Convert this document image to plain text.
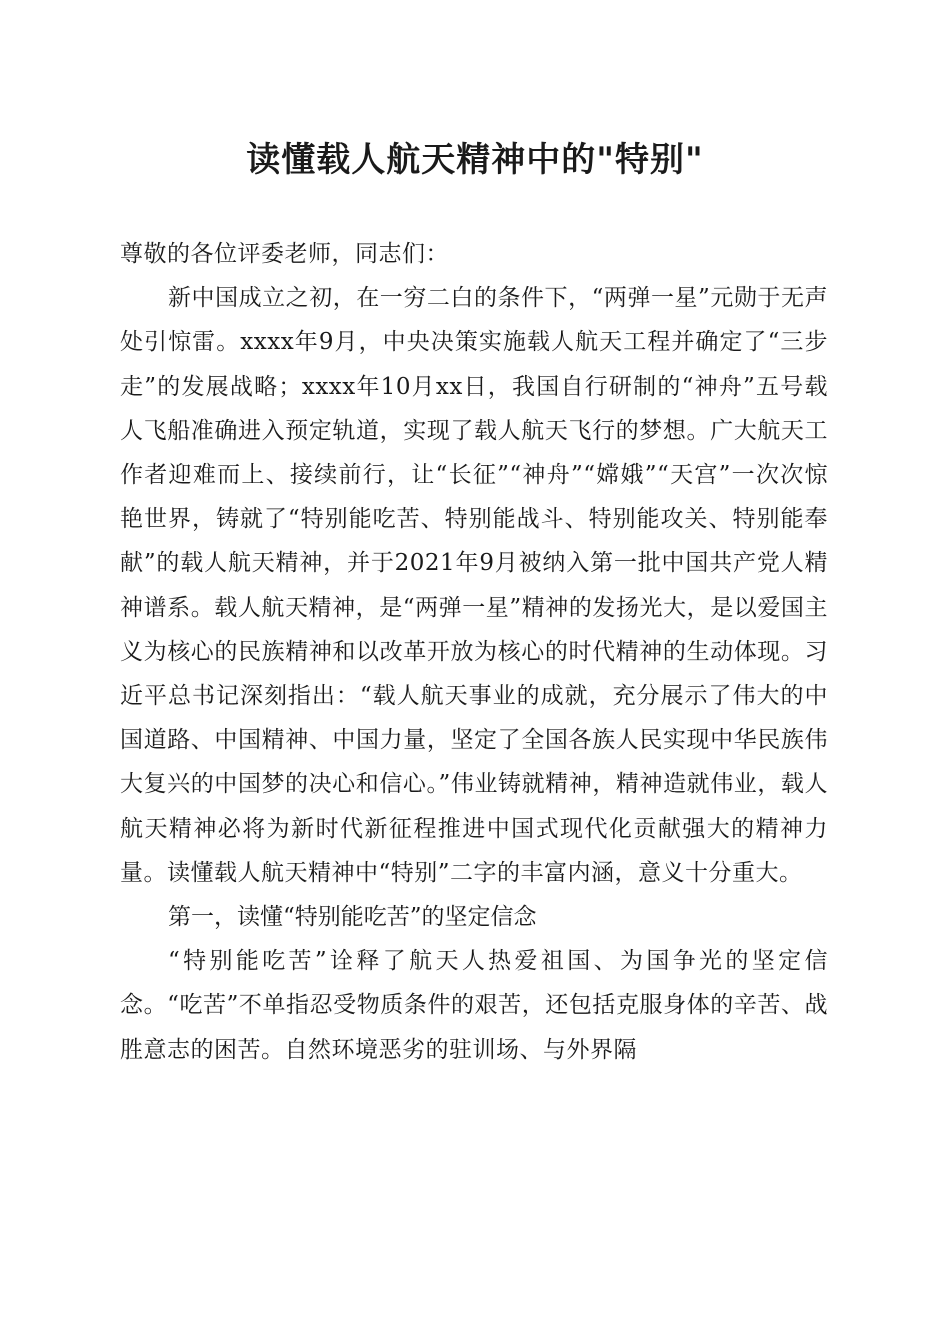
读懂载人航天精神中的"特别"

尊敬的各位评委老师，同志们：

新中国成立之初，在一穷二白的条件下，“两弹一星”元勋于无声处引惊雷。xxxx年9月，中央决策实施载人航天工程并确定了“三步走”的发展战略；xxxx年10月xx日，我国自行研制的“神舟”五号载人飞船准确进入预定轨道，实现了载人航天飞行的梦想。广大航天工作者迎难而上、接续前行，让“长征”“神舟”“嫦娥”“天宫”一次次惊艳世界，铸就了“特别能吃苦、特别能战斗、特别能攻关、特别能奉献”的载人航天精神，并于2021年9月被纳入第一批中国共产党人精神谱系。载人航天精神，是“两弹一星”精神的发扬光大，是以爱国主义为核心的民族精神和以改革开放为核心的时代精神的生动体现。习近平总书记深刻指出：“载人航天事业的成就，充分展示了伟大的中国道路、中国精神、中国力量，坚定了全国各族人民实现中华民族伟大复兴的中国梦的决心和信心。”伟业铸就精神，精神造就伟业，载人航天精神必将为新时代新征程推进中国式现代化贡献强大的精神力量。读懂载人航天精神中“特别”二字的丰富内涵，意义十分重大。

第一，读懂“特别能吃苦”的坚定信念

“特别能吃苦”诠释了航天人热爱祖国、为国争光的坚定信念。“吃苦”不单指忍受物质条件的艰苦，还包括克服身体的辛苦、战胜意志的困苦。自然环境恶劣的驻训场、与外界隔
